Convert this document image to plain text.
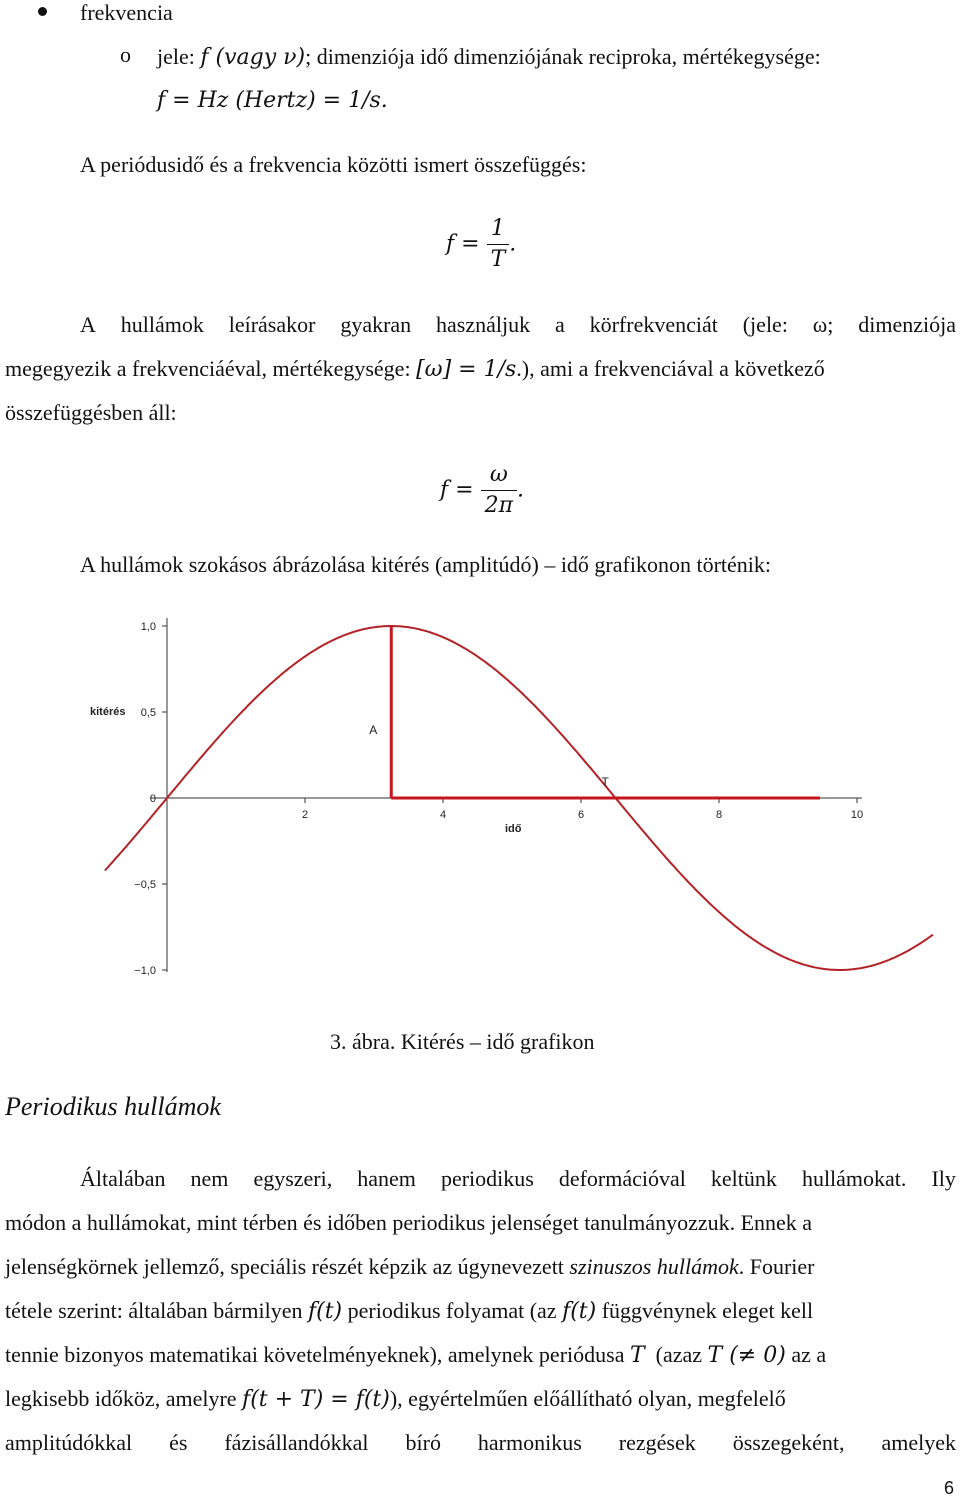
frekvencia
o jele: f (vagy ν); dimenziója idő dimenziójának reciproka, mértékegysége:
f = Hz (Hertz) = 1/s.
A periódusidő és a frekvencia közötti ismert összefüggés:
$f = \frac{1}{T}$ .
A hullámok leírásakor gyakran használjuk a körfrekvenciát (jele: ω; dimenziója
megegyezik a frekvenciáéval, mértékegysége: [ω] = 1/s.), ami a frekvenciával a következő
összefüggésben áll:
$f = \frac{\omega}{2\pi}$ .
A hullámok szokásos ábrázolása kitérés (amplitúdó) – idő grafikonon történik:
2	4	6	8	10
1,0
0,5
0
−0,5
−1,0
kitérés
idő
A
T
3. ábra. Kitérés – idő grafikon
Periodikus hullámok
Általában nem egyszeri, hanem periodikus deformációval keltünk hullámokat. Ily
módon a hullámokat, mint térben és időben periodikus jelenséget tanulmányozzuk. Ennek a
jelenségkörnek jellemző, speciális részét képzik az úgynevezett szinuszos hullámok. Fourier
tétele szerint: általában bármilyen f(t) periodikus folyamat (az f(t) függvénynek eleget kell
tennie bizonyos matematikai követelményeknek), amelynek periódusa T (azaz T (≠ 0) az a
legkisebb időköz, amelyre f(t + T) = f(t)), egyértelműen előállítható olyan, megfelelő
amplitúdókkal és fázisállandókkal bíró harmonikus rezgések összegeként, amelyek
6
